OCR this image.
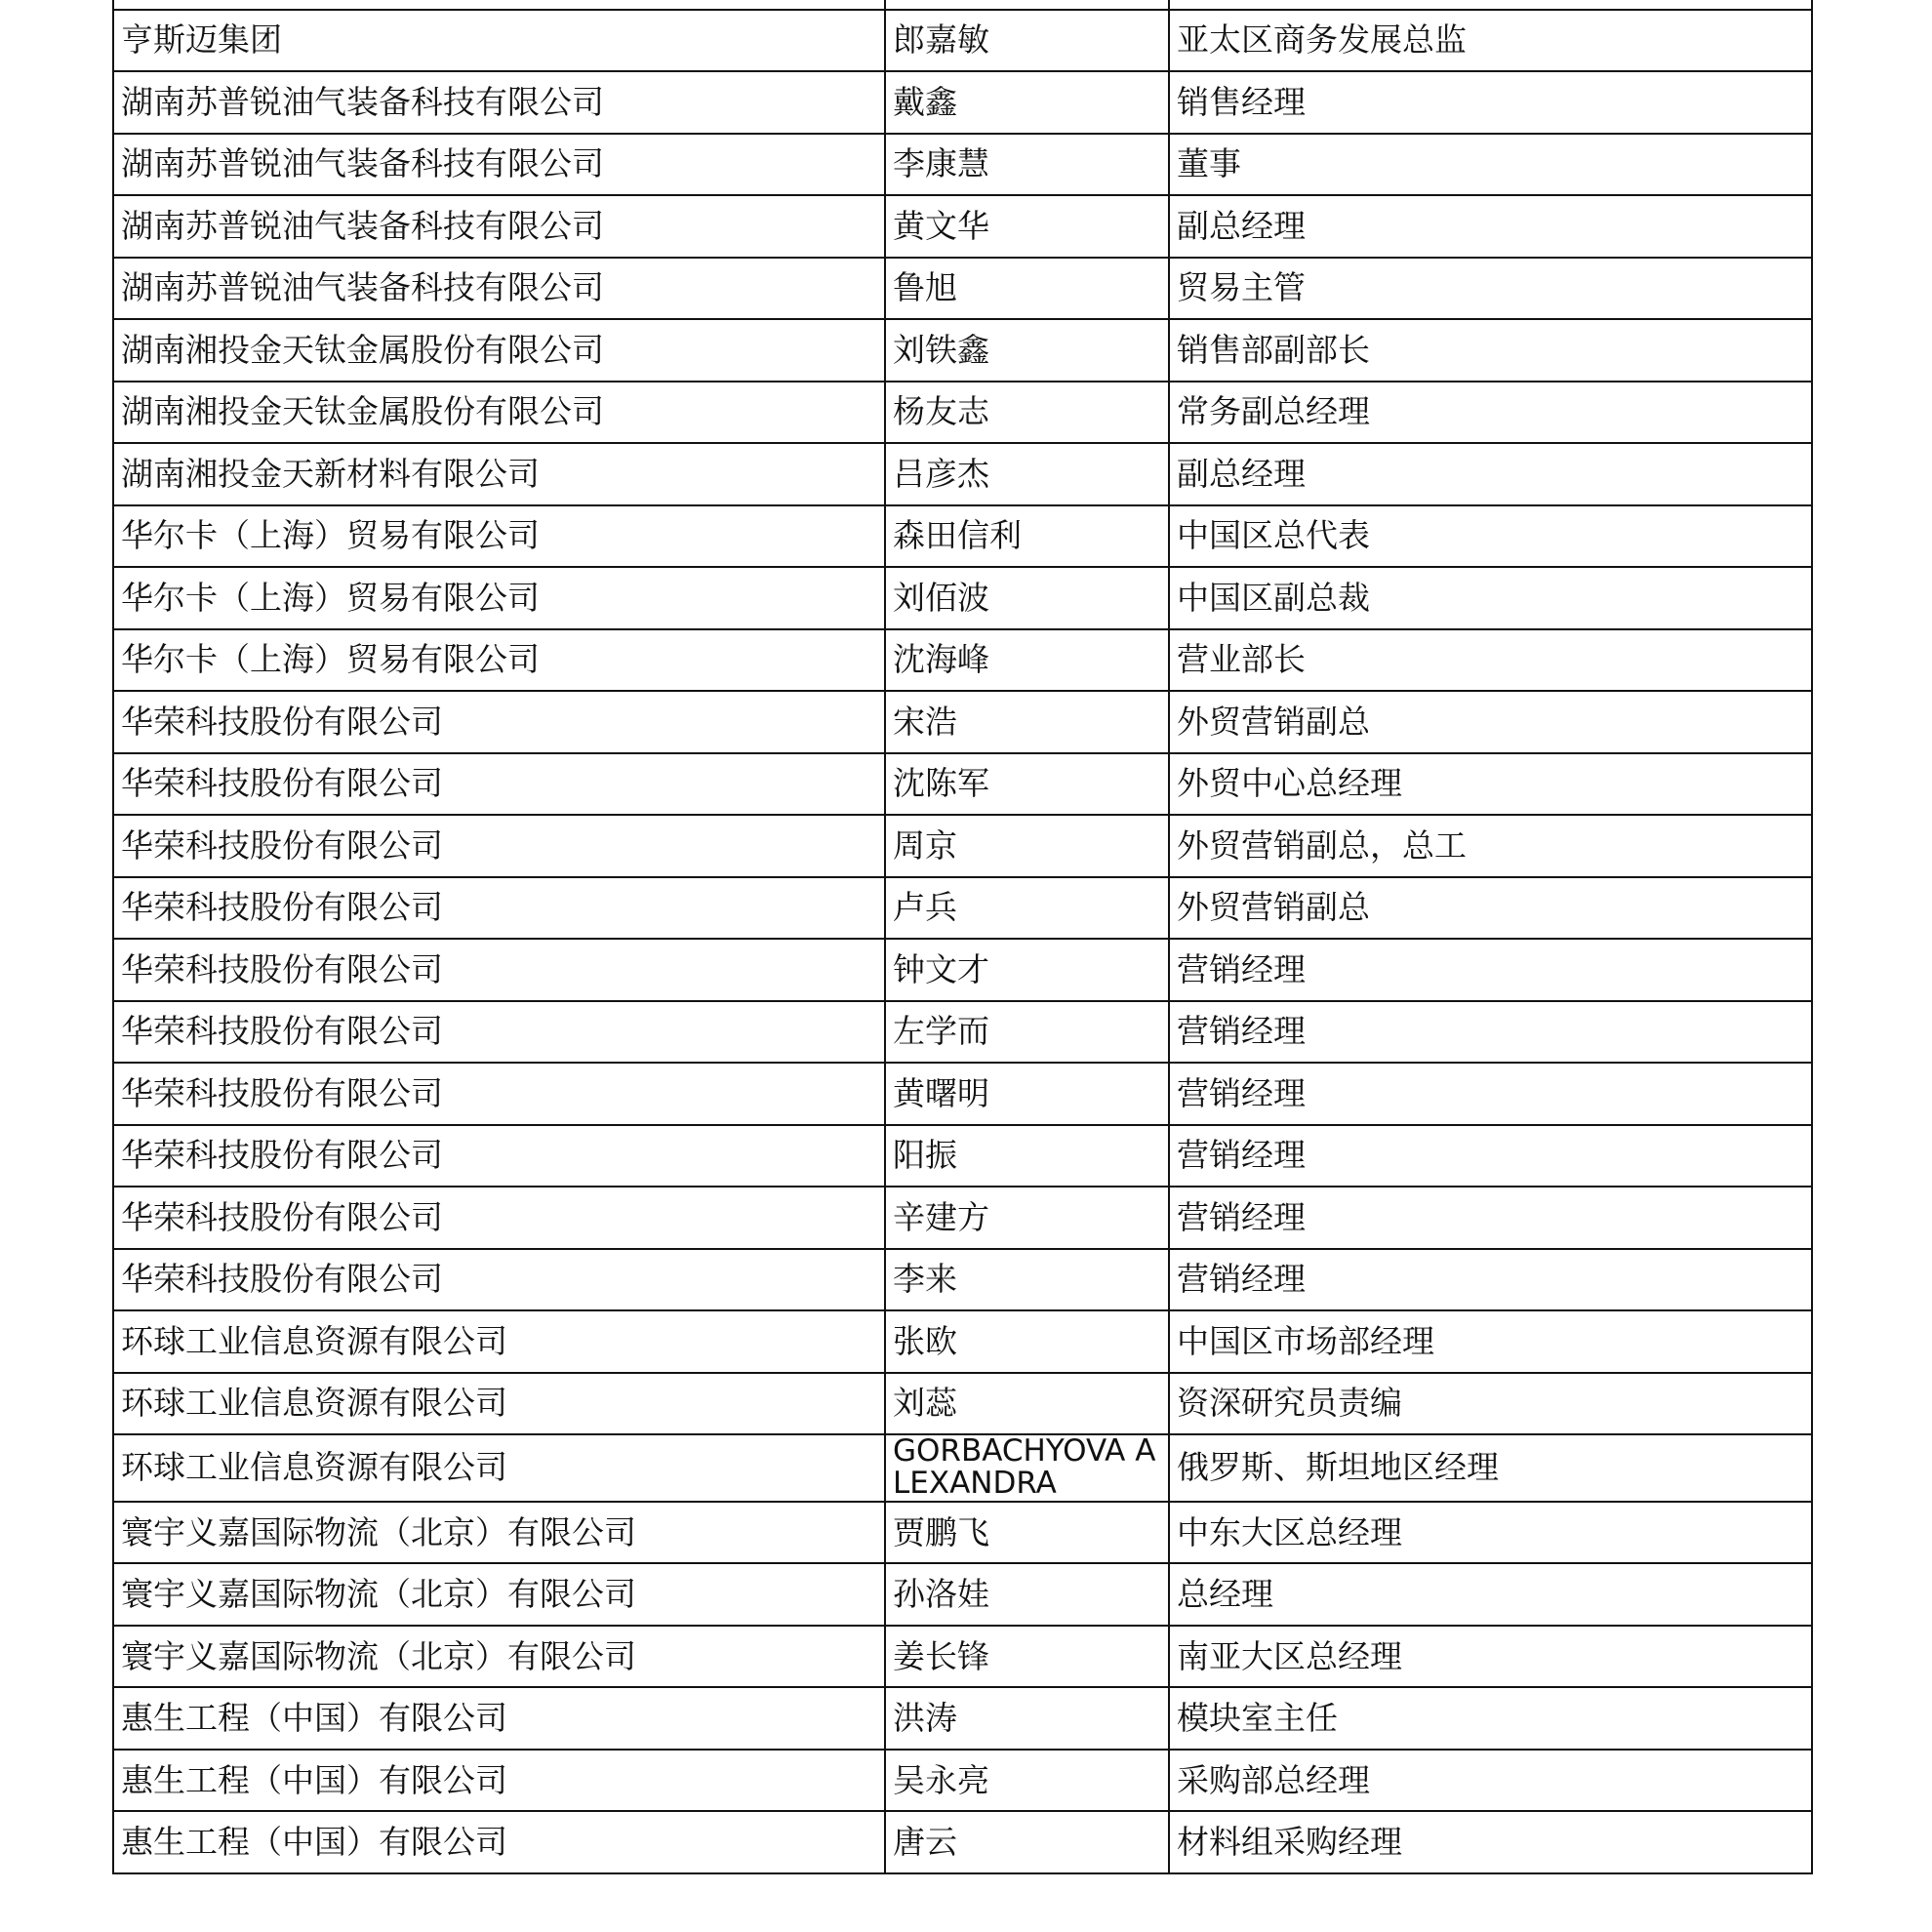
亨斯迈集团	郎嘉敏	亚太区商务发展总监
湖南苏普锐油气装备科技有限公司	戴鑫	销售经理
湖南苏普锐油气装备科技有限公司	李康慧	董事
湖南苏普锐油气装备科技有限公司	黄文华	副总经理
湖南苏普锐油气装备科技有限公司	鲁旭	贸易主管
湖南湘投金天钛金属股份有限公司	刘铁鑫	销售部副部长
湖南湘投金天钛金属股份有限公司	杨友志	常务副总经理
湖南湘投金天新材料有限公司	吕彦杰	副总经理
华尔卡（上海）贸易有限公司	森田信利	中国区总代表
华尔卡（上海）贸易有限公司	刘佰波	中国区副总裁
华尔卡（上海）贸易有限公司	沈海峰	营业部长
华荣科技股份有限公司	宋浩	外贸营销副总
华荣科技股份有限公司	沈陈军	外贸中心总经理
华荣科技股份有限公司	周京	外贸营销副总，总工
华荣科技股份有限公司	卢兵	外贸营销副总
华荣科技股份有限公司	钟文才	营销经理
华荣科技股份有限公司	左学而	营销经理
华荣科技股份有限公司	黄曙明	营销经理
华荣科技股份有限公司	阳振	营销经理
华荣科技股份有限公司	辛建方	营销经理
华荣科技股份有限公司	李来	营销经理
环球工业信息资源有限公司	张欧	中国区市场部经理
环球工业信息资源有限公司	刘蕊	资深研究员责编
环球工业信息资源有限公司	GORBACHYOVA ALEXANDRA	俄罗斯、斯坦地区经理
寰宇义嘉国际物流（北京）有限公司	贾鹏飞	中东大区总经理
寰宇义嘉国际物流（北京）有限公司	孙洛娃	总经理
寰宇义嘉国际物流（北京）有限公司	姜长锋	南亚大区总经理
惠生工程（中国）有限公司	洪涛	模块室主任
惠生工程（中国）有限公司	吴永亮	采购部总经理
惠生工程（中国）有限公司	唐云	材料组采购经理
